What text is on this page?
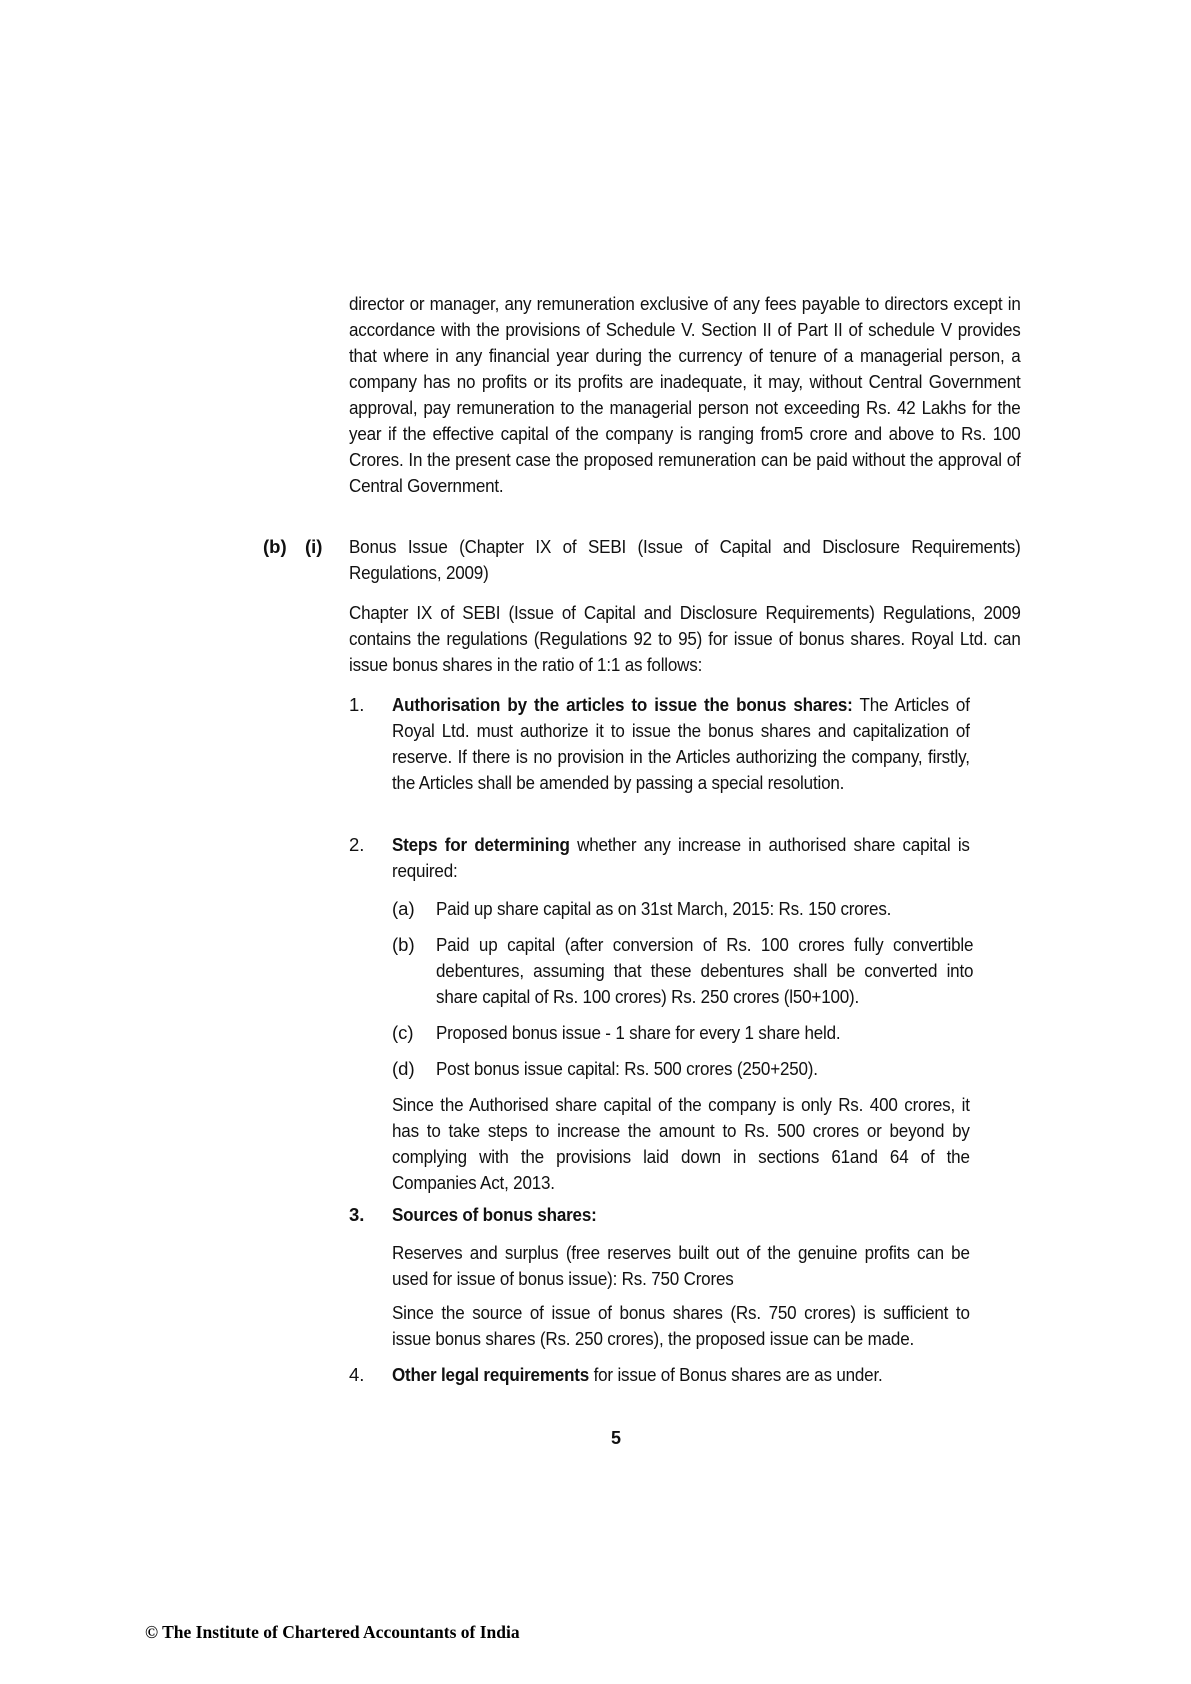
director or manager, any remuneration exclusive of any fees payable to directors except in accordance with the provisions of Schedule V. Section II of Part II of schedule V provides that where in any financial year during the currency of tenure of a managerial person, a company has no profits or its profits are inadequate, it may, without Central Government approval, pay remuneration to the managerial person not exceeding Rs. 42 Lakhs for the year if the effective capital of the company is ranging from5 crore and above to Rs. 100 Crores. In the present case the proposed remuneration can be paid without the approval of Central Government.
(b) (i) Bonus Issue (Chapter IX of SEBI (Issue of Capital and Disclosure Requirements) Regulations, 2009)
Chapter IX of SEBI (Issue of Capital and Disclosure Requirements) Regulations, 2009 contains the regulations (Regulations 92 to 95) for issue of bonus shares. Royal Ltd. can issue bonus shares in the ratio of 1:1 as follows:
1. Authorisation by the articles to issue the bonus shares: The Articles of Royal Ltd. must authorize it to issue the bonus shares and capitalization of reserve. If there is no provision in the Articles authorizing the company, firstly, the Articles shall be amended by passing a special resolution.
2. Steps for determining whether any increase in authorised share capital is required:
(a) Paid up share capital as on 31st March, 2015: Rs. 150 crores.
(b) Paid up capital (after conversion of Rs. 100 crores fully convertible debentures, assuming that these debentures shall be converted into share capital of Rs. 100 crores) Rs. 250 crores (l50+100).
(c) Proposed bonus issue - 1 share for every 1 share held.
(d) Post bonus issue capital: Rs. 500 crores (250+250).
Since the Authorised share capital of the company is only Rs. 400 crores, it has to take steps to increase the amount to Rs. 500 crores or beyond by complying with the provisions laid down in sections 61and 64 of the Companies Act, 2013.
3. Sources of bonus shares:
Reserves and surplus (free reserves built out of the genuine profits can be used for issue of bonus issue): Rs. 750 Crores
Since the source of issue of bonus shares (Rs. 750 crores) is sufficient to issue bonus shares (Rs. 250 crores), the proposed issue can be made.
4. Other legal requirements for issue of Bonus shares are as under.
5
© The Institute of Chartered Accountants of India
